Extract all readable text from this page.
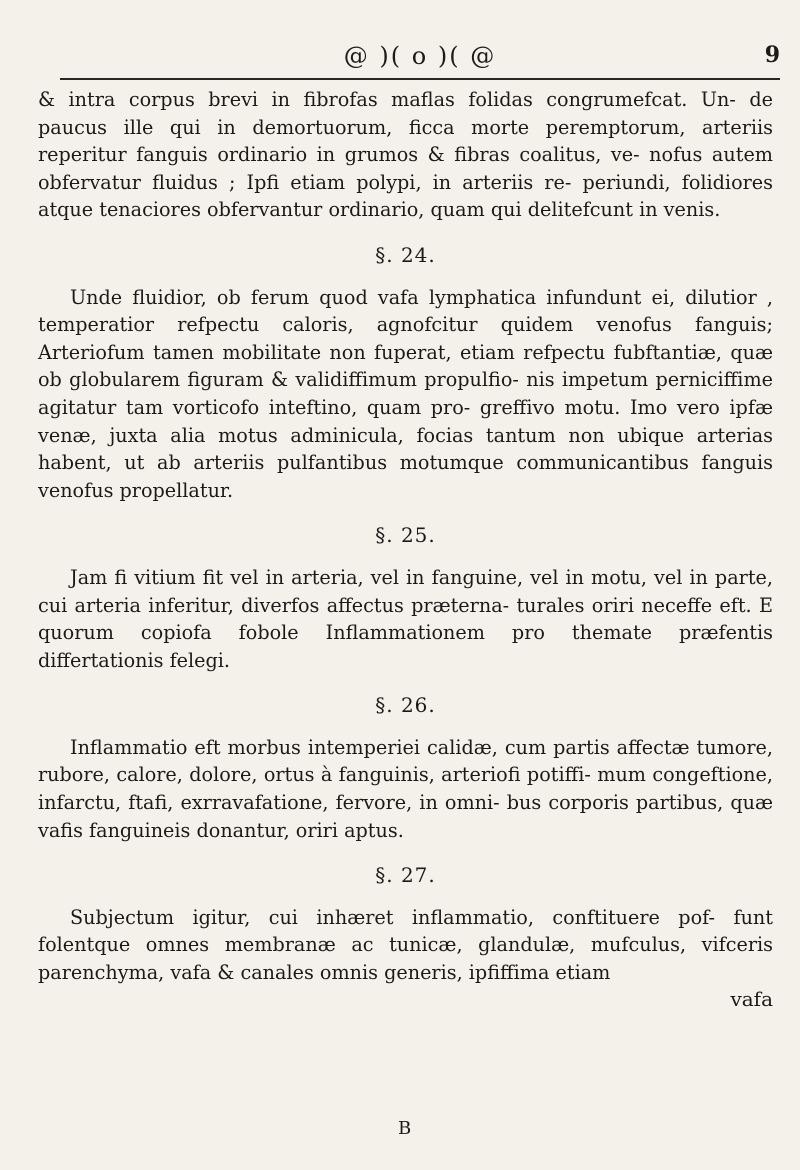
@ )( o )( @	9

& intra corpus brevi in fibrofas maflas folidas congrumefcat. Un- de paucus ille qui in demortuorum, ficca morte peremptorum, arteriis reperitur fanguis ordinario in grumos & fibras coalitus, ve- nofus autem obfervatur fluidus ; Ipfi etiam polypi, in arteriis re- periundi, folidiores atque tenaciores obfervantur ordinario, quam qui delitefcunt in venis.

§. 24.

Unde fluidior, ob ferum quod vafa lymphatica infundunt ei, dilutior , temperatior refpectu caloris, agnofcitur quidem venofus fanguis; Arteriofum tamen mobilitate non fuperat, etiam refpectu fubftantiæ, quæ ob globularem figuram & validiffimum propulfio- nis impetum perniciffime agitatur tam vorticofo inteftino, quam pro- greffivo motu. Imo vero ipfæ venæ, juxta alia motus adminicula, focias tantum non ubique arterias habent, ut ab arteriis pulfantibus motumque communicantibus fanguis venofus propellatur.

§. 25.

Jam fi vitium fit vel in arteria, vel in fanguine, vel in motu, vel in parte, cui arteria inferitur, diverfos affectus præterna- turales oriri neceffe eft. E quorum copiofa fobole Inflammationem pro themate præfentis differtationis felegi.

§. 26.

Inflammatio eft morbus intemperiei calidæ, cum partis affectæ tumore, rubore, calore, dolore, ortus à fanguinis, arteriofi potiffi- mum congeftione, infarctu, ftafi, exrravafatione, fervore, in omni- bus corporis partibus, quæ vafis fanguineis donantur, oriri aptus.

§. 27.

Subjectum igitur, cui inhæret inflammatio, conftituere pof- funt folentque omnes membranæ ac tunicæ, glandulæ, mufculus, vifceris parenchyma, vafa & canales omnis generis, ipfiffima etiam

vafa
B
